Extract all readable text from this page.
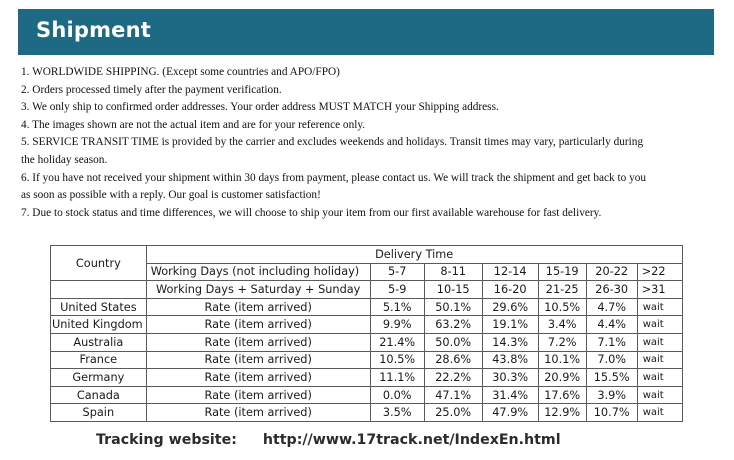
Shipment
1. WORLDWIDE SHIPPING. (Except some countries and APO/FPO)
2. Orders processed timely after the payment verification.
3. We only ship to confirmed order addresses. Your order address MUST MATCH your Shipping address.
4. The images shown are not the actual item and are for your reference only.
5. SERVICE TRANSIT TIME is provided by the carrier and excludes weekends and holidays. Transit times may vary, particularly during
the holiday season.
6. If you have not received your shipment within 30 days from payment, please contact us. We will track the shipment and get back to you
as soon as possible with a reply. Our goal is customer satisfaction!
7. Due to stock status and time differences, we will choose to ship your item from our first available warehouse for fast delivery.
Country	Delivery Time						
	Working Days (not including holiday)	5-7	8-11	12-14	15-19	20-22	>22
	Working Days + Saturday + Sunday	5-9	10-15	16-20	21-25	26-30	>31
United States	Rate (item arrived)	5.1%	50.1%	29.6%	10.5%	4.7%	wait
United Kingdom	Rate (item arrived)	9.9%	63.2%	19.1%	3.4%	4.4%	wait
Australia	Rate (item arrived)	21.4%	50.0%	14.3%	7.2%	7.1%	wait
France	Rate (item arrived)	10.5%	28.6%	43.8%	10.1%	7.0%	wait
Germany	Rate (item arrived)	11.1%	22.2%	30.3%	20.9%	15.5%	wait
Canada	Rate (item arrived)	0.0%	47.1%	31.4%	17.6%	3.9%	wait
Spain	Rate (item arrived)	3.5%	25.0%	47.9%	12.9%	10.7%	wait
Tracking website: http://www.17track.net/IndexEn.html
